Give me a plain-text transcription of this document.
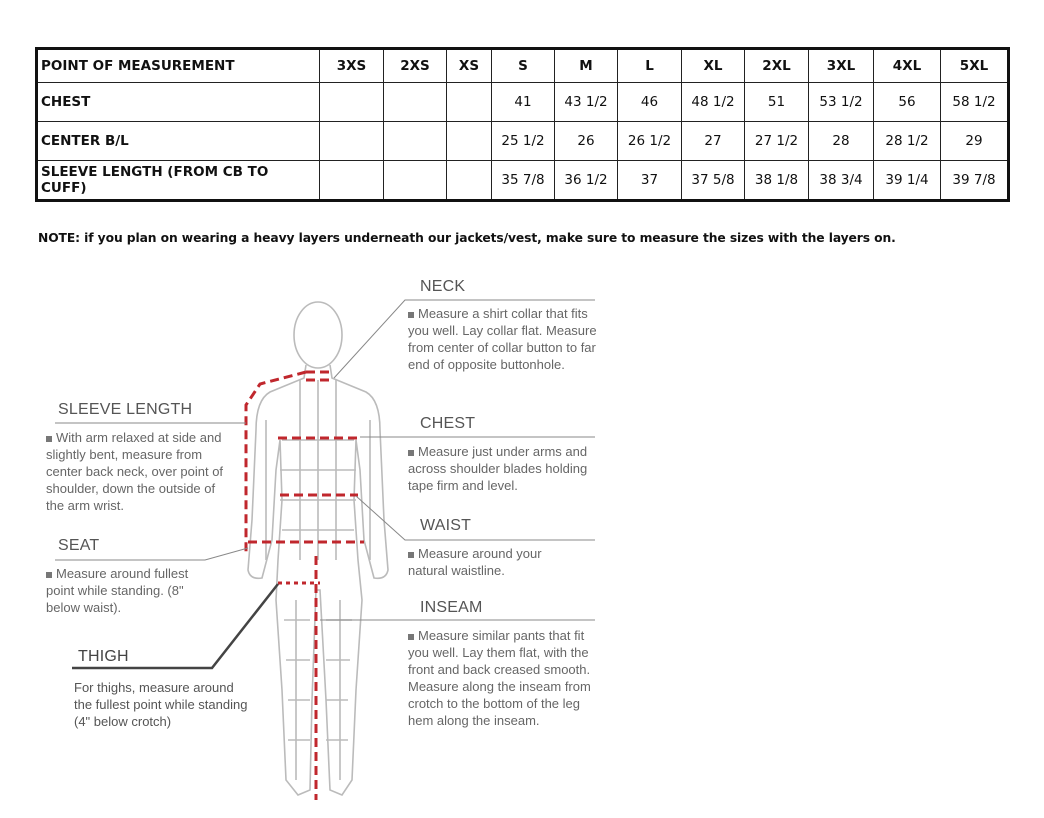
POINT OF MEASUREMENT	3XS	2XS	XS	S	M	L	XL	2XL	3XL	4XL	5XL
CHEST				41	43 1/2	46	48 1/2	51	53 1/2	56	58 1/2
CENTER B/L				25 1/2	26	26 1/2	27	27 1/2	28	28 1/2	29
SLEEVE LENGTH (FROM CB TO CUFF)				35 7/8	36 1/2	37	37 5/8	38 1/8	38 3/4	39 1/4	39 7/8
NOTE: if you plan on wearing a heavy layers underneath our jackets/vest, make sure to measure the sizes with the layers on.
NECK
Measure a shirt collar that fits you well. Lay collar flat. Measure from center of collar button to far end of opposite buttonhole.
CHEST
Measure just under arms and across shoulder blades holding tape firm and level.
WAIST
Measure around your natural waistline.
INSEAM
Measure similar pants that fit you well. Lay them flat, with the front and back creased smooth. Measure along the inseam from crotch to the bottom of the leg hem along the inseam.
SLEEVE LENGTH
With arm relaxed at side and slightly bent, measure from center back neck, over point of shoulder, down the outside of the arm wrist.
SEAT
Measure around fullest point while standing. (8" below waist).
THIGH
For thighs, measure around the fullest point while standing (4" below crotch)
